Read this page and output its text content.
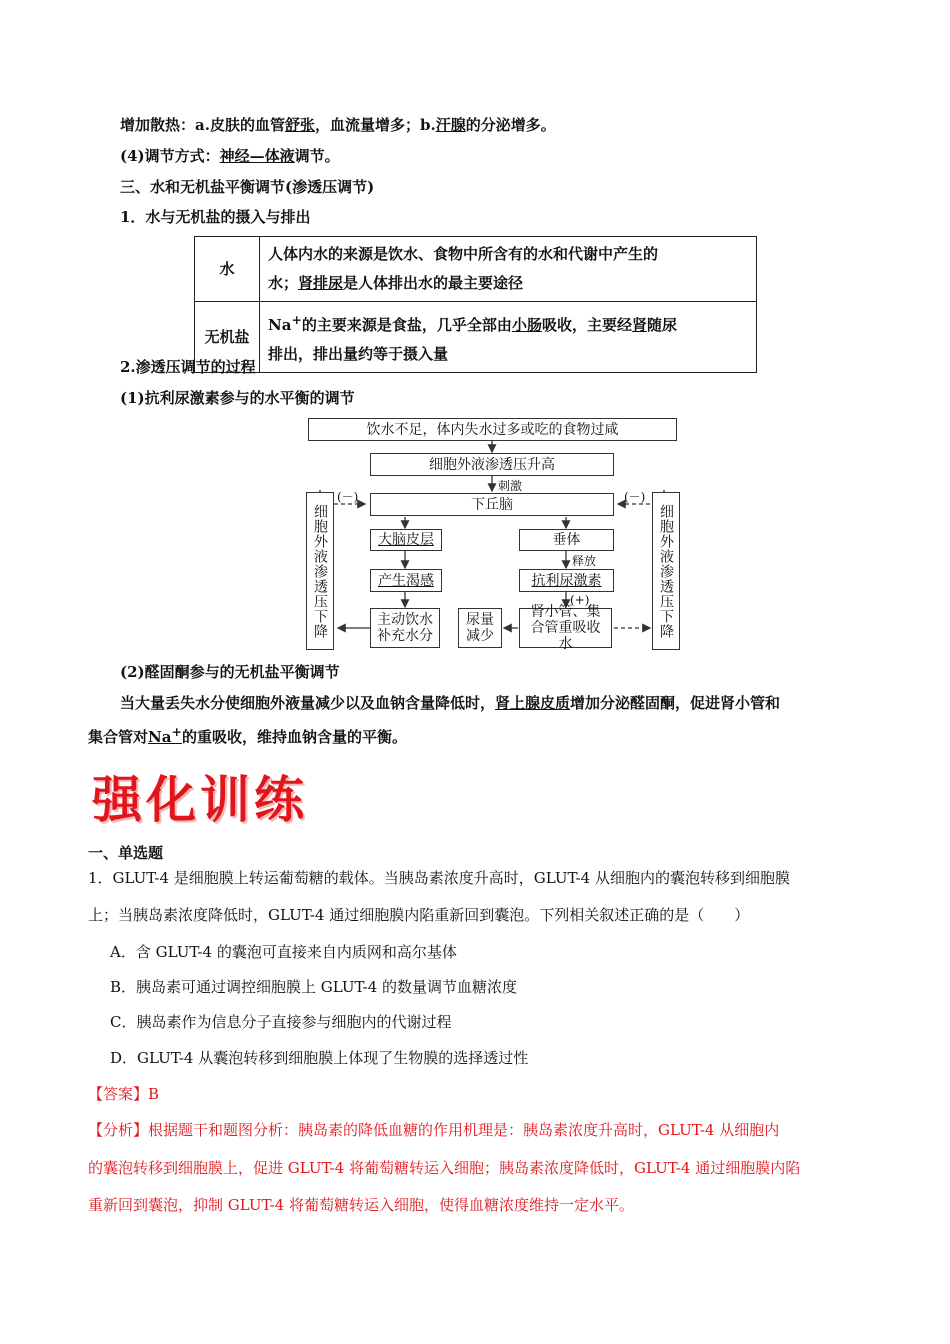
增加散热：a.皮肤的血管舒张，血流量增多；b.汗腺的分泌增多。
(4)调节方式：神经—体液调节。
三、水和无机盐平衡调节(渗透压调节)
1．水与无机盐的摄入与排出
水	人体内水的来源是饮水、食物中所含有的水和代谢中产生的
水；肾排尿是人体排出水的最主要途径

无机盐	Na+的主要来源是食盐，几乎全部由小肠吸收，主要经肾随尿
排出，排出量约等于摄入量
2.渗透压调节的过程
(1)抗利尿激素参与的水平衡的调节
饮水不足，体内失水过多或吃的食物过咸
细胞外液渗透压升高
刺激
下丘脑
(－)	(－)
大脑皮层	垂体
释放
产生渴感	抗利尿激素
(+)
主动饮水补充水分
尿量减少
肾小管、集合管重吸收水
细胞外液渗透压下降	细胞外液渗透压下降
(2)醛固酮参与的无机盐平衡调节
当大量丢失水分使细胞外液量减少以及血钠含量降低时，肾上腺皮质增加分泌醛固酮，促进肾小管和
集合管对Na+的重吸收，维持血钠含量的平衡。
强化训练
一、单选题
1．GLUT-4 是细胞膜上转运葡萄糖的载体。当胰岛素浓度升高时，GLUT-4 从细胞内的囊泡转移到细胞膜
上；当胰岛素浓度降低时，GLUT-4 通过细胞膜内陷重新回到囊泡。下列相关叙述正确的是（　　）
A．含 GLUT-4 的囊泡可直接来自内质网和高尔基体
B．胰岛素可通过调控细胞膜上 GLUT-4 的数量调节血糖浓度
C．胰岛素作为信息分子直接参与细胞内的代谢过程
D．GLUT-4 从囊泡转移到细胞膜上体现了生物膜的选择透过性
【答案】B
【分析】根据题干和题图分析：胰岛素的降低血糖的作用机理是：胰岛素浓度升高时，GLUT-4 从细胞内
的囊泡转移到细胞膜上，促进 GLUT-4 将葡萄糖转运入细胞；胰岛素浓度降低时，GLUT-4 通过细胞膜内陷
重新回到囊泡，抑制 GLUT-4 将葡萄糖转运入细胞，使得血糖浓度维持一定水平。
